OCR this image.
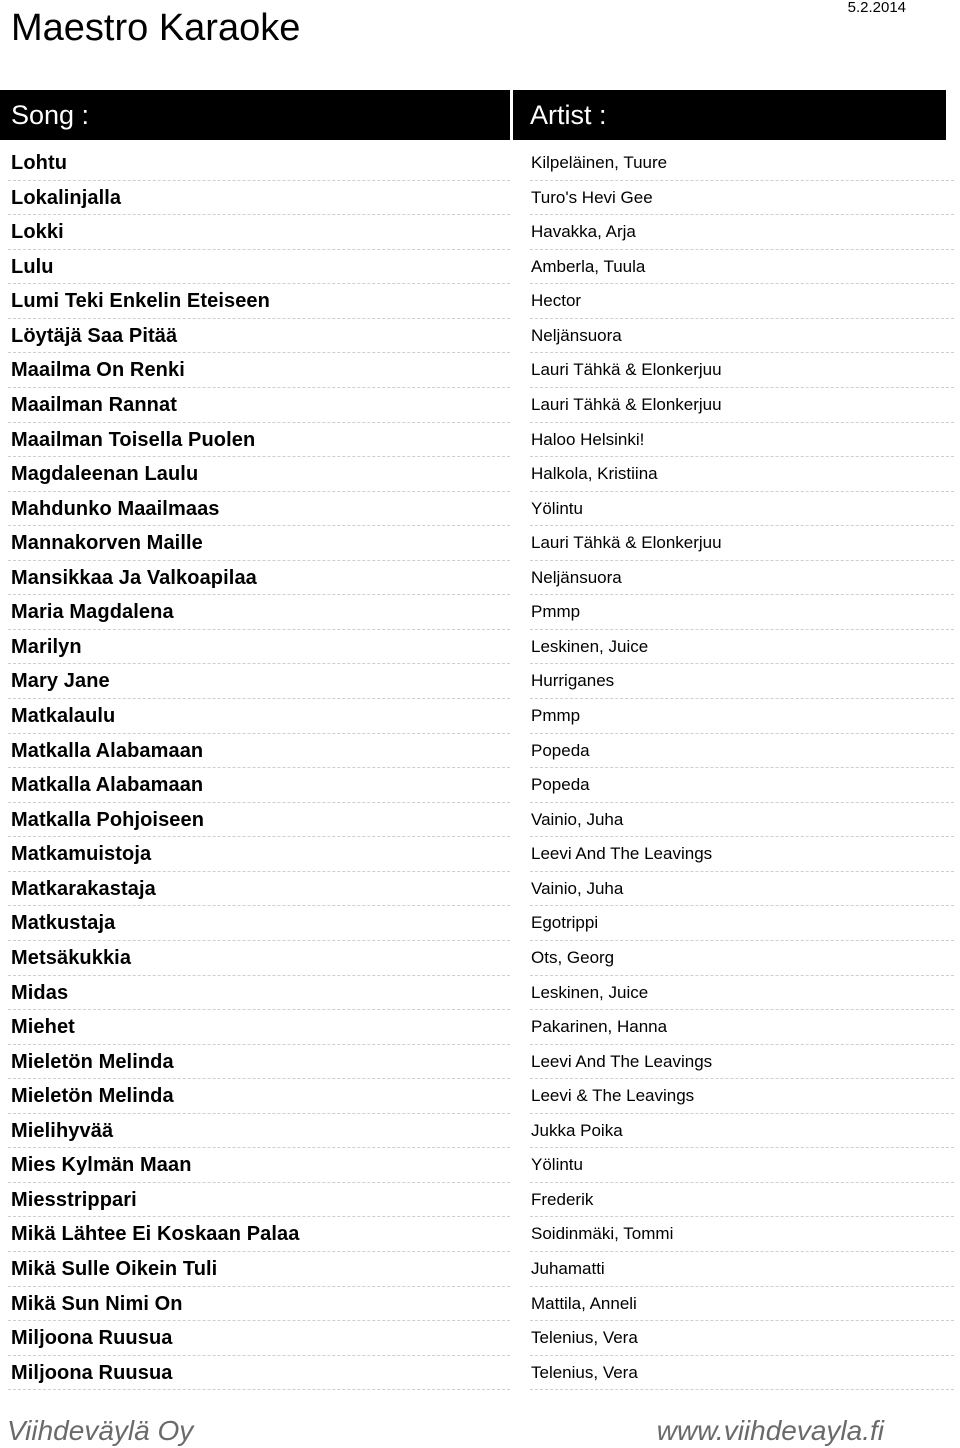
Maestro Karaoke	5.2.2014
Song :	Artist :
Lohtu	Kilpeläinen, Tuure
Lokalinjalla	Turo's Hevi Gee
Lokki	Havakka, Arja
Lulu	Amberla, Tuula
Lumi Teki Enkelin Eteiseen	Hector
Löytäjä Saa Pitää	Neljänsuora
Maailma On Renki	Lauri Tähkä & Elonkerjuu
Maailman Rannat	Lauri Tähkä & Elonkerjuu
Maailman Toisella Puolen	Haloo Helsinki!
Magdaleenan Laulu	Halkola, Kristiina
Mahdunko Maailmaas	Yölintu
Mannakorven Maille	Lauri Tähkä & Elonkerjuu
Mansikkaa Ja Valkoapilaa	Neljänsuora
Maria Magdalena	Pmmp
Marilyn	Leskinen, Juice
Mary Jane	Hurriganes
Matkalaulu	Pmmp
Matkalla Alabamaan	Popeda
Matkalla Alabamaan	Popeda
Matkalla Pohjoiseen	Vainio, Juha
Matkamuistoja	Leevi And The Leavings
Matkarakastaja	Vainio, Juha
Matkustaja	Egotrippi
Metsäkukkia	Ots, Georg
Midas	Leskinen, Juice
Miehet	Pakarinen, Hanna
Mieletön Melinda	Leevi And The Leavings
Mieletön Melinda	Leevi & The Leavings
Mielihyvää	Jukka Poika
Mies Kylmän Maan	Yölintu
Miesstrippari	Frederik
Mikä Lähtee Ei Koskaan Palaa	Soidinmäki, Tommi
Mikä Sulle Oikein Tuli	Juhamatti
Mikä Sun Nimi On	Mattila, Anneli
Miljoona Ruusua	Telenius, Vera
Miljoona Ruusua	Telenius, Vera
Viihdeväylä Oy	www.viihdevayla.fi
